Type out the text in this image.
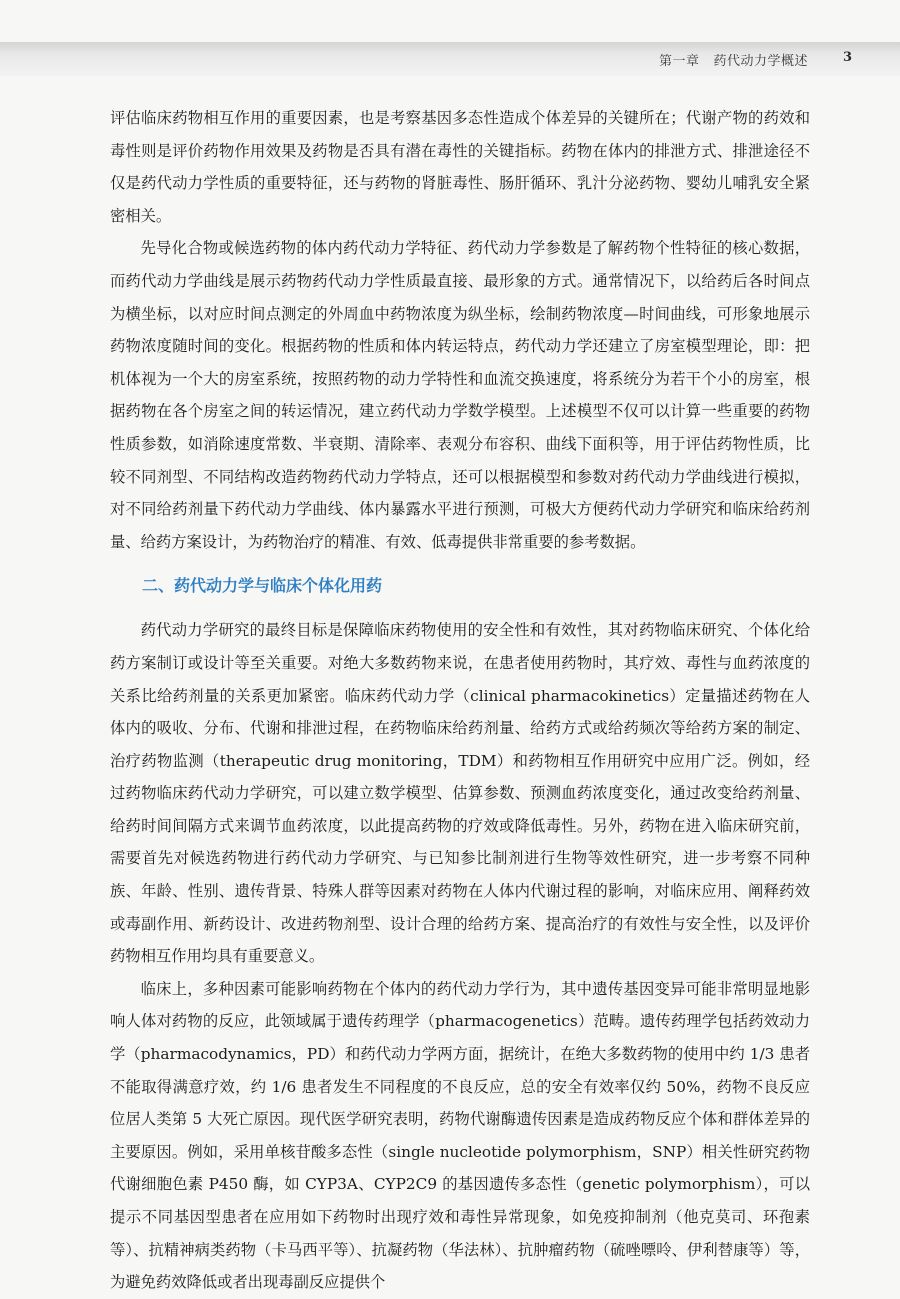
第一章 药代动力学概述	3

评估临床药物相互作用的重要因素，也是考察基因多态性造成个体差异的关键所在；代谢产物的药效和毒性则是评价药物作用效果及药物是否具有潜在毒性的关键指标。药物在体内的排泄方式、排泄途径不仅是药代动力学性质的重要特征，还与药物的肾脏毒性、肠肝循环、乳汁分泌药物、婴幼儿哺乳安全紧密相关。

先导化合物或候选药物的体内药代动力学特征、药代动力学参数是了解药物个性特征的核心数据，而药代动力学曲线是展示药物药代动力学性质最直接、最形象的方式。通常情况下，以给药后各时间点为横坐标，以对应时间点测定的外周血中药物浓度为纵坐标，绘制药物浓度—时间曲线，可形象地展示药物浓度随时间的变化。根据药物的性质和体内转运特点，药代动力学还建立了房室模型理论，即：把机体视为一个大的房室系统，按照药物的动力学特性和血流交换速度，将系统分为若干个小的房室，根据药物在各个房室之间的转运情况，建立药代动力学数学模型。上述模型不仅可以计算一些重要的药物性质参数，如消除速度常数、半衰期、清除率、表观分布容积、曲线下面积等，用于评估药物性质，比较不同剂型、不同结构改造药物药代动力学特点，还可以根据模型和参数对药代动力学曲线进行模拟，对不同给药剂量下药代动力学曲线、体内暴露水平进行预测，可极大方便药代动力学研究和临床给药剂量、给药方案设计，为药物治疗的精准、有效、低毒提供非常重要的参考数据。

二、药代动力学与临床个体化用药

药代动力学研究的最终目标是保障临床药物使用的安全性和有效性，其对药物临床研究、个体化给药方案制订或设计等至关重要。对绝大多数药物来说，在患者使用药物时，其疗效、毒性与血药浓度的关系比给药剂量的关系更加紧密。临床药代动力学（clinical pharmacokinetics）定量描述药物在人体内的吸收、分布、代谢和排泄过程，在药物临床给药剂量、给药方式或给药频次等给药方案的制定、治疗药物监测（therapeutic drug monitoring，TDM）和药物相互作用研究中应用广泛。例如，经过药物临床药代动力学研究，可以建立数学模型、估算参数、预测血药浓度变化，通过改变给药剂量、给药时间间隔方式来调节血药浓度，以此提高药物的疗效或降低毒性。另外，药物在进入临床研究前，需要首先对候选药物进行药代动力学研究、与已知参比制剂进行生物等效性研究，进一步考察不同种族、年龄、性别、遗传背景、特殊人群等因素对药物在人体内代谢过程的影响，对临床应用、阐释药效或毒副作用、新药设计、改进药物剂型、设计合理的给药方案、提高治疗的有效性与安全性，以及评价药物相互作用均具有重要意义。

临床上，多种因素可能影响药物在个体内的药代动力学行为，其中遗传基因变异可能非常明显地影响人体对药物的反应，此领域属于遗传药理学（pharmacogenetics）范畴。遗传药理学包括药效动力学（pharmacodynamics，PD）和药代动力学两方面，据统计，在绝大多数药物的使用中约 1/3 患者不能取得满意疗效，约 1/6 患者发生不同程度的不良反应，总的安全有效率仅约 50%，药物不良反应位居人类第 5 大死亡原因。现代医学研究表明，药物代谢酶遗传因素是造成药物反应个体和群体差异的主要原因。例如，采用单核苷酸多态性（single nucleotide polymorphism，SNP）相关性研究药物代谢细胞色素 P450 酶，如 CYP3A、CYP2C9 的基因遗传多态性（genetic polymorphism），可以提示不同基因型患者在应用如下药物时出现疗效和毒性异常现象，如免疫抑制剂（他克莫司、环孢素等）、抗精神病类药物（卡马西平等）、抗凝药物（华法林）、抗肿瘤药物（硫唑嘌呤、伊利替康等）等，为避免药效降低或者出现毒副反应提供个
